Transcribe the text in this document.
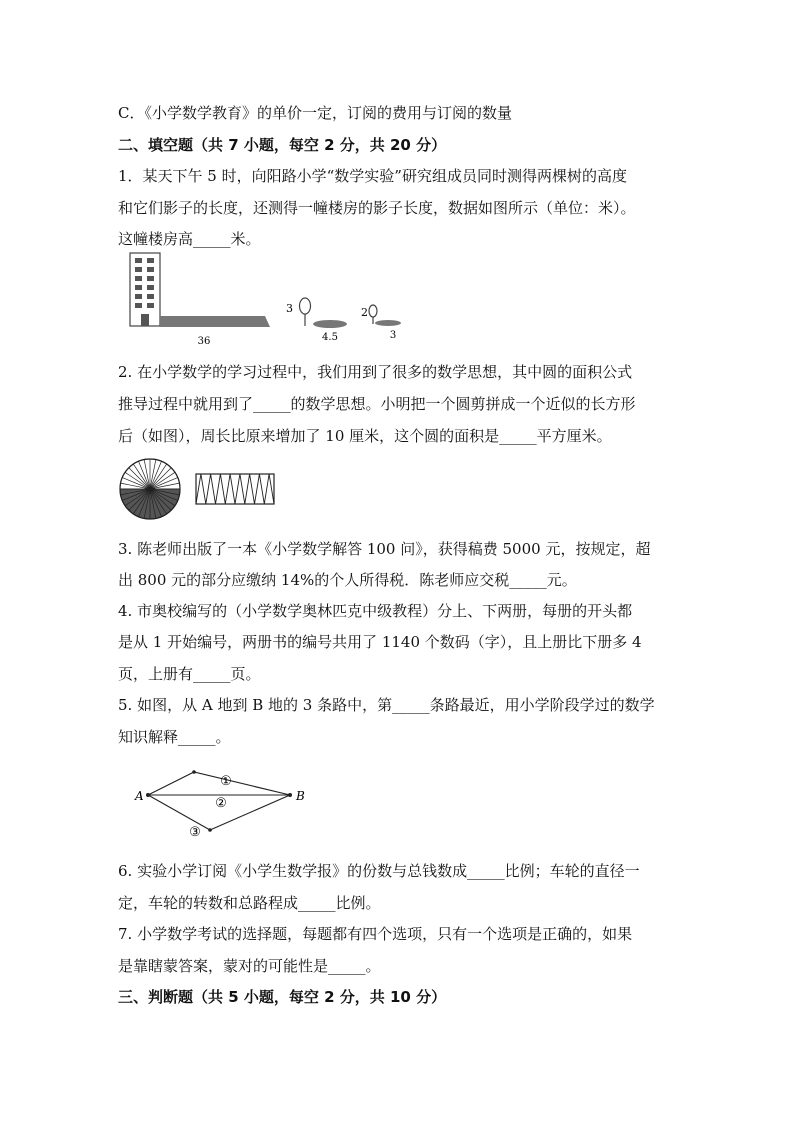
C．《小学数学教育》的单价一定，订阅的费用与订阅的数量
二、填空题（共 7 小题，每空 2 分，共 20 分）
1．某天下午 5 时，向阳路小学“数学实验”研究组成员同时测得两棵树的高度
和它们影子的长度，还测得一幢楼房的影子长度，数据如图所示（单位：米）。
这幢楼房高_____米。
36
3
4.5
2
3
2. 在小学数学的学习过程中，我们用到了很多的数学思想，其中圆的面积公式
推导过程中就用到了_____的数学思想。小明把一个圆剪拼成一个近似的长方形
后（如图），周长比原来增加了 10 厘米，这个圆的面积是_____平方厘米。
3. 陈老师出版了一本《小学数学解答 100 问》，获得稿费 5000 元，按规定，超
出 800 元的部分应缴纳 14%的个人所得税．陈老师应交税_____元。
4. 市奥校编写的（小学数学奥林匹克中级教程）分上、下两册，每册的开头都
是从 1 开始编号，两册书的编号共用了 1140 个数码（字），且上册比下册多 4
页，上册有_____页。
5. 如图，从 A 地到 B 地的 3 条路中，第_____条路最近，用小学阶段学过的数学
知识解释_____。
A	B
①
②
③
6. 实验小学订阅《小学生数学报》的份数与总钱数成_____比例；车轮的直径一
定，车轮的转数和总路程成_____比例。
7. 小学数学考试的选择题，每题都有四个选项，只有一个选项是正确的，如果
是靠瞎蒙答案，蒙对的可能性是_____。
三、判断题（共 5 小题，每空 2 分，共 10 分）
